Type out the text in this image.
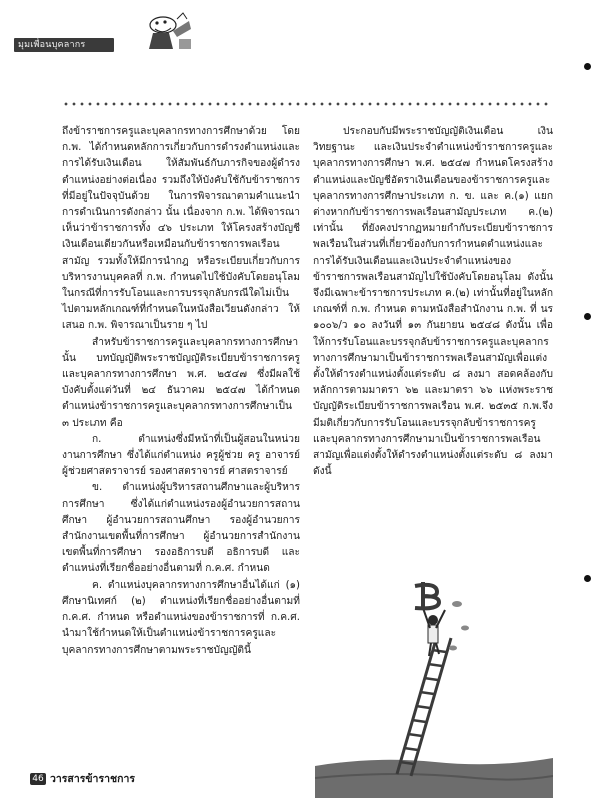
มุมเพื่อนบุคลากร

ถึงข้าราชการครูและบุคลากรทางการศึกษาด้วย โดย ก.พ. ได้กำหนดหลักการเกี่ยวกับการดำรงตำแหน่งและการได้รับเงินเดือน ให้สัมพันธ์กับภารกิจของผู้ดำรงตำแหน่งอย่างต่อเนื่อง รวมถึงให้บังคับใช้กับข้าราชการที่มีอยู่ในปัจจุบันด้วย ในการพิจารณาตามคำแนะนำการดำเนินการดังกล่าว นั้น เนื่องจาก ก.พ. ได้พิจารณาเห็นว่าข้าราชการทั้ง ๔๖ ประเภท ให้โครงสร้างบัญชีเงินเดือนเดียวกันหรือเหมือนกับข้าราชการพลเรือนสามัญ รวมทั้งให้มีการนำกฎ หรือระเบียบเกี่ยวกับการบริหารงานบุคคลที่ ก.พ. กำหนดไปใช้บังคับโดยอนุโลม ในกรณีที่การรับโอนและการบรรจุกลับกรณีใดไม่เป็นไปตามหลักเกณฑ์ที่กำหนดในหนังสือเวียนดังกล่าว ให้เสนอ ก.พ. พิจารณาเป็นราย ๆ ไป

สำหรับข้าราชการครูและบุคลากรทางการศึกษานั้น บทบัญญัติพระราชบัญญัติระเบียบข้าราชการครูและบุคลากรทางการศึกษา พ.ศ. ๒๕๔๗ ซึ่งมีผลใช้บังคับตั้งแต่วันที่ ๒๔ ธันวาคม ๒๕๔๗ ได้กำหนดตำแหน่งข้าราชการครูและบุคลากรทางการศึกษาเป็น ๓ ประเภท คือ

ก. ตำแหน่งซึ่งมีหน้าที่เป็นผู้สอนในหน่วยงานการศึกษา ซึ่งได้แก่ตำแหน่ง ครูผู้ช่วย ครู อาจารย์ ผู้ช่วยศาสตราจารย์ รองศาสตราจารย์ ศาสตราจารย์

ข. ตำแหน่งผู้บริหารสถานศึกษาและผู้บริหารการศึกษา ซึ่งได้แก่ตำแหน่งรองผู้อำนวยการสถานศึกษา ผู้อำนวยการสถานศึกษา รองผู้อำนวยการ สำนักงานเขตพื้นที่การศึกษา ผู้อำนวยการสำนักงานเขตพื้นที่การศึกษา รองอธิการบดี อธิการบดี และตำแหน่งที่เรียกชื่ออย่างอื่นตามที่ ก.ค.ศ. กำหนด

ค. ตำแหน่งบุคลากรทางการศึกษาอื่นได้แก่ (๑) ศึกษานิเทศก์ (๒) ตำแหน่งที่เรียกชื่ออย่างอื่นตามที่ ก.ค.ศ. กำหนด หรือตำแหน่งของข้าราชการที่ ก.ค.ศ. นำมาใช้กำหนดให้เป็นตำแหน่งข้าราชการครูและบุคลากรทางการศึกษาตามพระราชบัญญัตินี้

ประกอบกับมีพระราชบัญญัติเงินเดือน เงินวิทยฐานะ และเงินประจำตำแหน่งข้าราชการครูและบุคลากรทางการศึกษา พ.ศ. ๒๕๔๗ กำหนดโครงสร้างตำแหน่งและบัญชีอัตราเงินเดือนของข้าราชการครูและบุคลากรทางการศึกษาประเภท ก. ข. และ ค.(๑) แยกต่างหากกับข้าราชการพลเรือนสามัญประเภท ค.(๒) เท่านั้น ที่ยังคงปรากฏหมายกำกับระเบียบข้าราชการพลเรือนในส่วนที่เกี่ยวข้องกับการกำหนดตำแหน่งและการได้รับเงินเดือนและเงินประจำตำแหน่งของข้าราชการพลเรือนสามัญไปใช้บังคับโดยอนุโลม ดังนั้น จึงมีเฉพาะข้าราชการประเภท ค.(๒) เท่านั้นที่อยู่ในหลักเกณฑ์ที่ ก.พ. กำหนด ตามหนังสือสำนักงาน ก.พ. ที่ นร ๑๐๐๖/ว ๑๐ ลงวันที่ ๑๓ กันยายน ๒๕๔๘ ดังนั้น เพื่อให้การรับโอนและบรรจุกลับข้าราชการครูและบุคลากรทางการศึกษามาเป็นข้าราชการพลเรือนสามัญเพื่อแต่งตั้งให้ดำรงตำแหน่งตั้งแต่ระดับ ๘ ลงมา สอดคล้องกับหลักการตามมาตรา ๖๒ และมาตรา ๖๖ แห่งพระราชบัญญัติระเบียบข้าราชการพลเรือน พ.ศ. ๒๕๓๕ ก.พ.จึงมีมติเกี่ยวกับการรับโอนและบรรจุกลับข้าราชการครูและบุคลากรทางการศึกษามาเป็นข้าราชการพลเรือนสามัญเพื่อแต่งตั้งให้ดำรงตำแหน่งตั้งแต่ระดับ ๘ ลงมา ดังนี้

46 วารสารข้าราชการ
